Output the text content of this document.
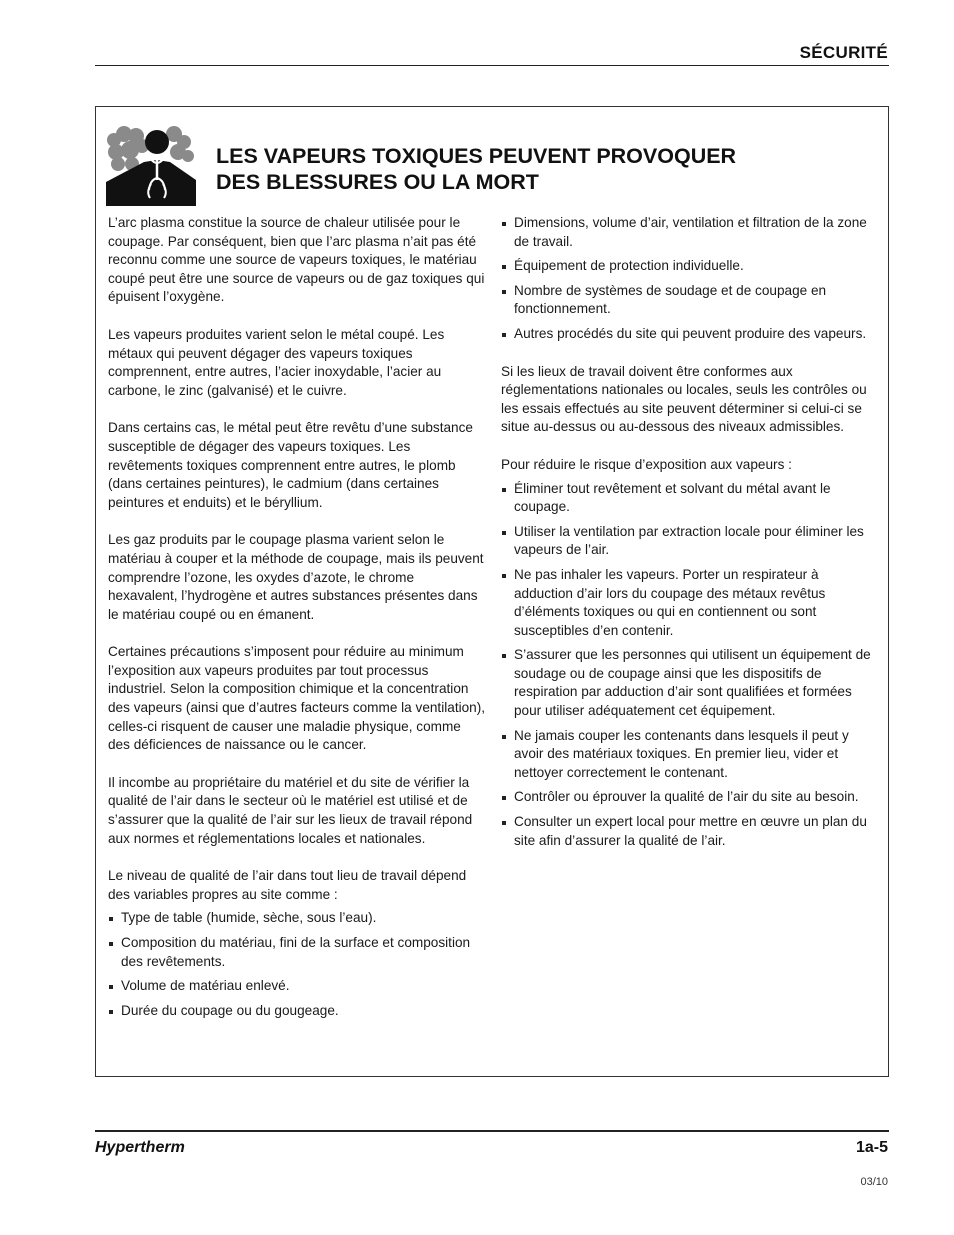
SÉCURITÉ
LES VAPEURS TOXIQUES PEUVENT PROVOQUER
DES BLESSURES OU LA MORT

L’arc plasma constitue la source de chaleur utilisée pour le coupage. Par conséquent, bien que l’arc plasma n’ait pas été reconnu comme une source de vapeurs toxiques, le matériau coupé peut être une source de vapeurs ou de gaz toxiques qui épuisent l’oxygène.

Les vapeurs produites varient selon le métal coupé. Les métaux qui peuvent dégager des vapeurs toxiques comprennent, entre autres, l’acier inoxydable, l’acier au carbone, le zinc (galvanisé) et le cuivre.

Dans certains cas, le métal peut être revêtu d’une substance susceptible de dégager des vapeurs toxiques. Les revêtements toxiques comprennent entre autres, le plomb (dans certaines peintures), le cadmium (dans certaines peintures et enduits) et le béryllium.

Les gaz produits par le coupage plasma varient selon le matériau à couper et la méthode de coupage, mais ils peuvent comprendre l’ozone, les oxydes d’azote, le chrome hexavalent, l’hydrogène et autres substances présentes dans le matériau coupé ou en émanent.

Certaines précautions s’imposent pour réduire au minimum l’exposition aux vapeurs produites par tout processus industriel. Selon la composition chimique et la concentration des vapeurs (ainsi que d’autres facteurs comme la ventilation), celles-ci risquent de causer une maladie physique, comme des déficiences de naissance ou le cancer.

Il incombe au propriétaire du matériel et du site de vérifier la qualité de l’air dans le secteur où le matériel est utilisé et de s’assurer que la qualité de l’air sur les lieux de travail répond aux normes et réglementations locales et nationales.

Le niveau de qualité de l’air dans tout lieu de travail dépend des variables propres au site comme :

Type de table (humide, sèche, sous l’eau).
Composition du matériau, fini de la surface et composition des revêtements.
Volume de matériau enlevé.
Durée du coupage ou du gougeage.
Dimensions, volume d’air, ventilation et filtration de la zone de travail.
Équipement de protection individuelle.
Nombre de systèmes de soudage et de coupage en fonctionnement.
Autres procédés du site qui peuvent produire des vapeurs.

Si les lieux de travail doivent être conformes aux réglementations nationales ou locales, seuls les contrôles ou les essais effectués au site peuvent déterminer si celui-ci se situe au-dessus ou au-dessous des niveaux admissibles.

Pour réduire le risque d’exposition aux vapeurs :

Éliminer tout revêtement et solvant du métal avant le coupage.
Utiliser la ventilation par extraction locale pour éliminer les vapeurs de l’air.
Ne pas inhaler les vapeurs. Porter un respirateur à adduction d’air lors du coupage des métaux revêtus d’éléments toxiques ou qui en contiennent ou sont susceptibles d’en contenir.
S’assurer que les personnes qui utilisent un équipement de soudage ou de coupage ainsi que les dispositifs de respiration par adduction d’air sont qualifiées et formées pour utiliser adéquatement cet équipement.
Ne jamais couper les contenants dans lesquels il peut y avoir des matériaux toxiques. En premier lieu, vider et nettoyer correctement le contenant.
Contrôler ou éprouver la qualité de l’air du site au besoin.
Consulter un expert local pour mettre en œuvre un plan du site afin d’assurer la qualité de l’air.
Hypertherm	1a-5
03/10
